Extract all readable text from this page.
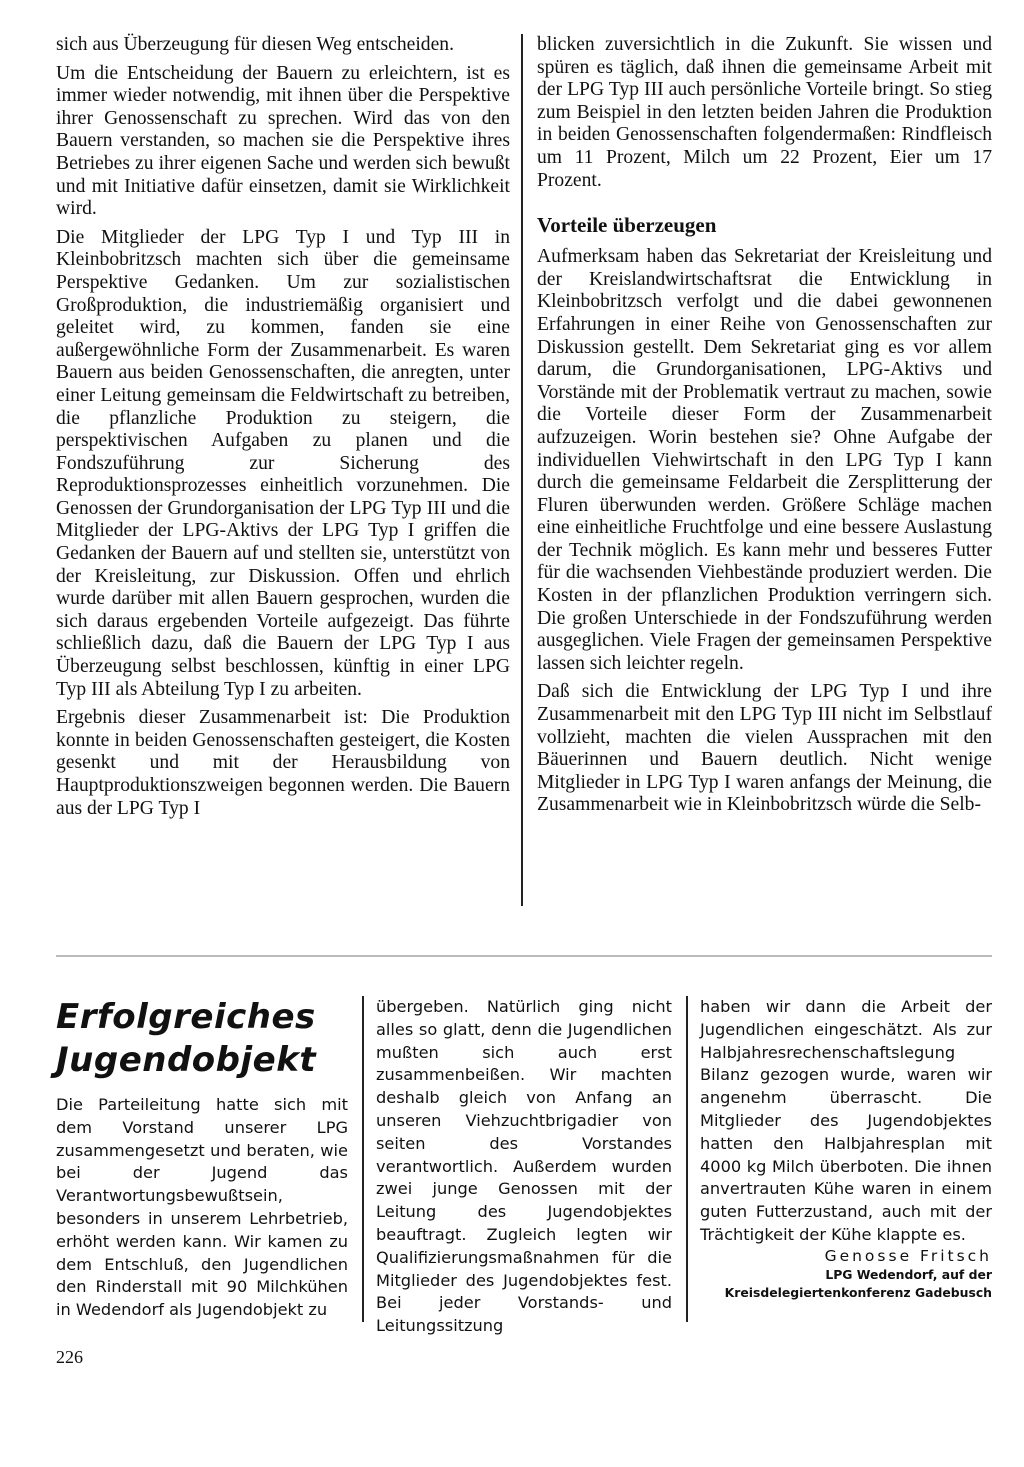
sich aus Überzeugung für diesen Weg entscheiden.

Um die Entscheidung der Bauern zu erleichtern, ist es immer wieder notwendig, mit ihnen über die Perspektive ihrer Genossenschaft zu sprechen. Wird das von den Bauern verstanden, so machen sie die Perspektive ihres Betriebes zu ihrer eigenen Sache und werden sich bewußt und mit Initiative dafür einsetzen, damit sie Wirklichkeit wird.

Die Mitglieder der LPG Typ I und Typ III in Kleinbobritzsch machten sich über die gemeinsame Perspektive Gedanken. Um zur sozialistischen Großproduktion, die industriemäßig organisiert und geleitet wird, zu kommen, fanden sie eine außergewöhnliche Form der Zusammenarbeit. Es waren Bauern aus beiden Genossenschaften, die anregten, unter einer Leitung gemeinsam die Feldwirtschaft zu betreiben, die pflanzliche Produktion zu steigern, die perspektivischen Aufgaben zu planen und die Fondszuführung zur Sicherung des Reproduktionsprozesses einheitlich vorzunehmen. Die Genossen der Grundorganisation der LPG Typ III und die Mitglieder der LPG-Aktivs der LPG Typ I griffen die Gedanken der Bauern auf und stellten sie, unterstützt von der Kreisleitung, zur Diskussion. Offen und ehrlich wurde darüber mit allen Bauern gesprochen, wurden die sich daraus ergebenden Vorteile aufgezeigt. Das führte schließlich dazu, daß die Bauern der LPG Typ I aus Überzeugung selbst beschlossen, künftig in einer LPG Typ III als Abteilung Typ I zu arbeiten.

Ergebnis dieser Zusammenarbeit ist: Die Produktion konnte in beiden Genossenschaften gesteigert, die Kosten gesenkt und mit der Herausbildung von Hauptproduktionszweigen begonnen werden. Die Bauern aus der LPG Typ I

blicken zuversichtlich in die Zukunft. Sie wissen und spüren es täglich, daß ihnen die gemeinsame Arbeit mit der LPG Typ III auch persönliche Vorteile bringt. So stieg zum Beispiel in den letzten beiden Jahren die Produktion in beiden Genossenschaften folgendermaßen: Rindfleisch um 11 Prozent, Milch um 22 Prozent, Eier um 17 Prozent.

Vorteile überzeugen

Aufmerksam haben das Sekretariat der Kreisleitung und der Kreislandwirtschaftsrat die Entwicklung in Kleinbobritzsch verfolgt und die dabei gewonnenen Erfahrungen in einer Reihe von Genossenschaften zur Diskussion gestellt. Dem Sekretariat ging es vor allem darum, die Grundorganisationen, LPG-Aktivs und Vorstände mit der Problematik vertraut zu machen, sowie die Vorteile dieser Form der Zusammenarbeit aufzuzeigen. Worin bestehen sie? Ohne Aufgabe der individuellen Viehwirtschaft in den LPG Typ I kann durch die gemeinsame Feldarbeit die Zersplitterung der Fluren überwunden werden. Größere Schläge machen eine einheitliche Fruchtfolge und eine bessere Auslastung der Technik möglich. Es kann mehr und besseres Futter für die wachsenden Viehbestände produziert werden. Die Kosten in der pflanzlichen Produktion verringern sich. Die großen Unterschiede in der Fondszuführung werden ausgeglichen. Viele Fragen der gemeinsamen Perspektive lassen sich leichter regeln.

Daß sich die Entwicklung der LPG Typ I und ihre Zusammenarbeit mit den LPG Typ III nicht im Selbstlauf vollzieht, machten die vielen Aussprachen mit den Bäuerinnen und Bauern deutlich. Nicht wenige Mitglieder in LPG Typ I waren anfangs der Meinung, die Zusammenarbeit wie in Kleinbobritzsch würde die Selb-

Erfolgreiches
Jugendobjekt

Die Parteileitung hatte sich mit dem Vorstand unserer LPG zusammengesetzt und beraten, wie bei der Jugend das Verantwortungsbewußtsein, besonders in unserem Lehrbetrieb, erhöht werden kann. Wir kamen zu dem Entschluß, den Jugendlichen den Rinderstall mit 90 Milchkühen in Wedendorf als Jugendobjekt zu

übergeben. Natürlich ging nicht alles so glatt, denn die Jugendlichen mußten sich auch erst zusammenbeißen. Wir machten deshalb gleich von Anfang an unseren Viehzuchtbrigadier von seiten des Vorstandes verantwortlich. Außerdem wurden zwei junge Genossen mit der Leitung des Jugendobjektes beauftragt. Zugleich legten wir Qualifizierungsmaßnahmen für die Mitglieder des Jugendobjektes fest. Bei jeder Vorstands- und Leitungssitzung

haben wir dann die Arbeit der Jugendlichen eingeschätzt. Als zur Halbjahresrechenschaftslegung Bilanz gezogen wurde, waren wir angenehm überrascht. Die Mitglieder des Jugendobjektes hatten den Halbjahresplan mit 4000 kg Milch überboten. Die ihnen anvertrauten Kühe waren in einem guten Futterzustand, auch mit der Trächtigkeit der Kühe klappte es.

Genosse Fritsch
LPG Wedendorf, auf der
Kreisdelegiertenkonferenz Gadebusch
226
